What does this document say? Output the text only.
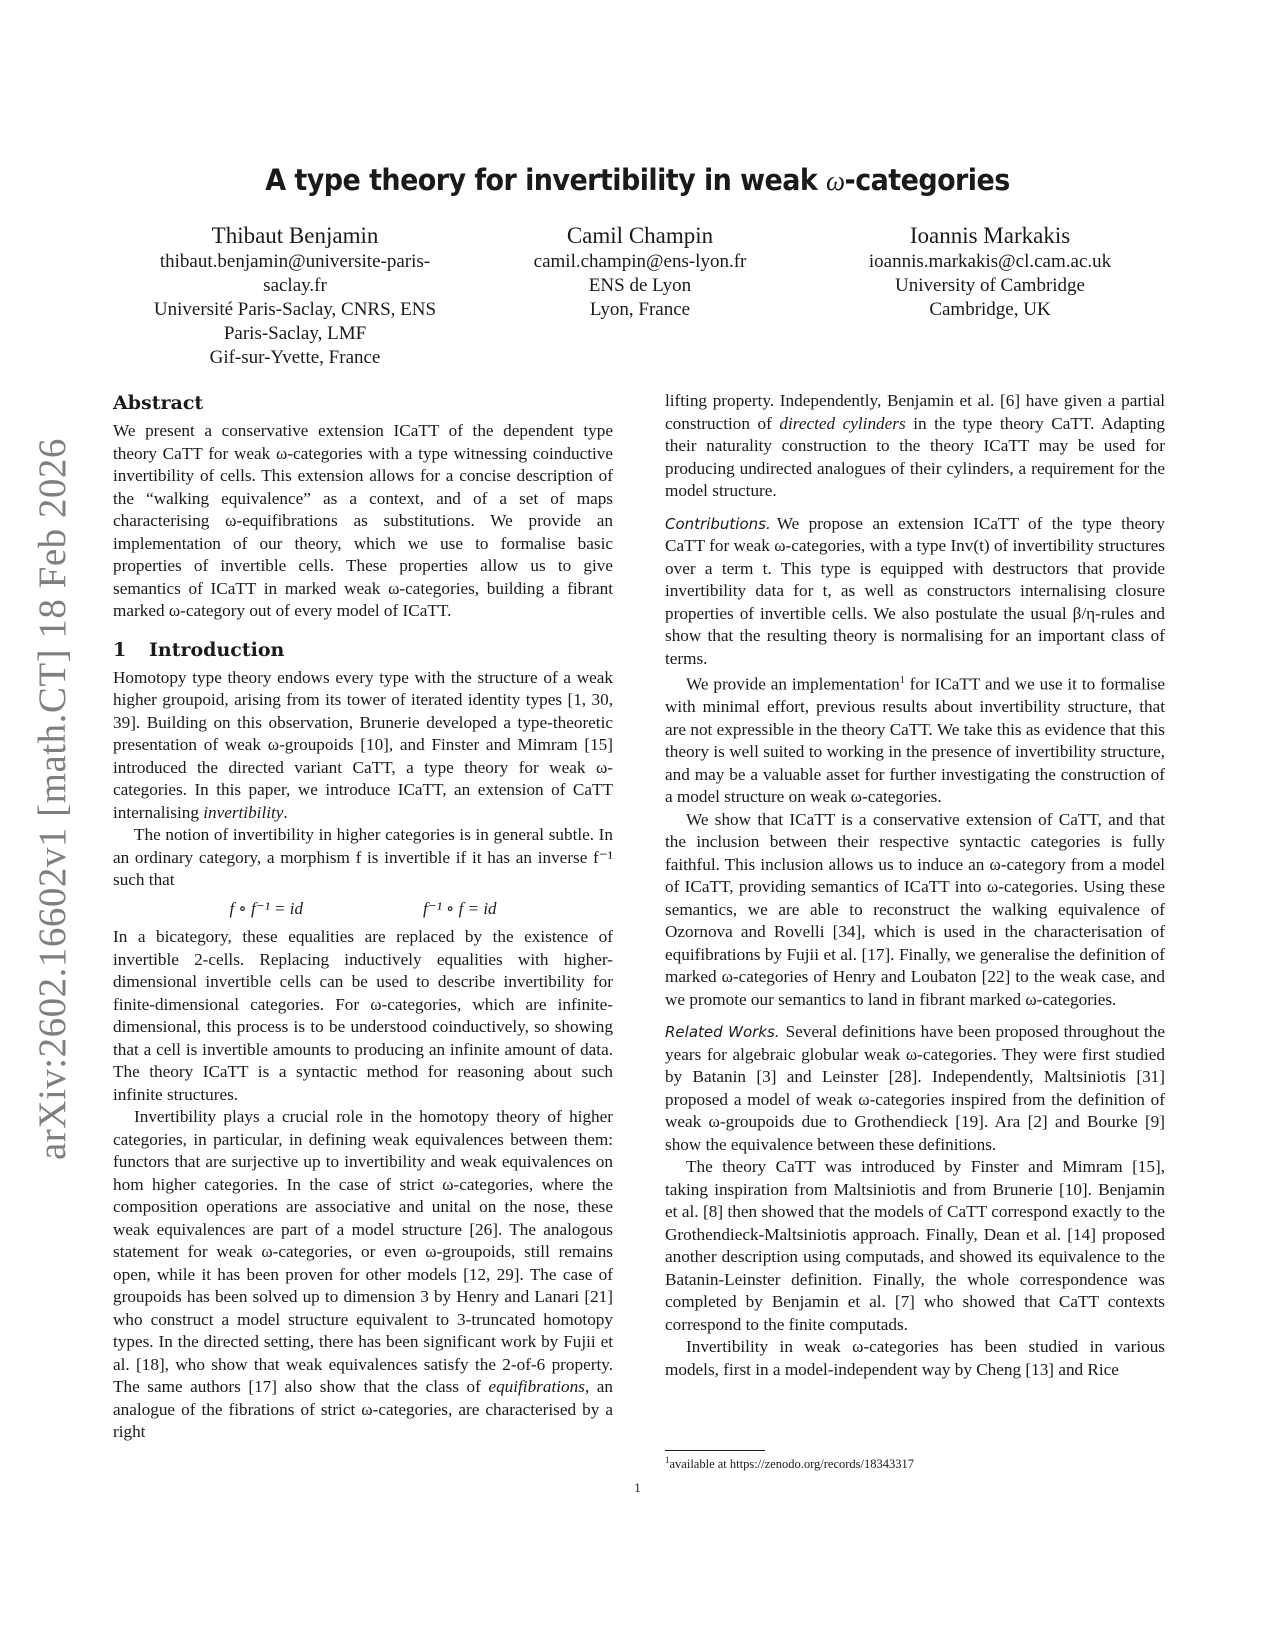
arXiv:2602.16602v1 [math.CT] 18 Feb 2026
A type theory for invertibility in weak ω-categories
Thibaut Benjamin
thibaut.benjamin@universite-paris-
saclay.fr
Université Paris-Saclay, CNRS, ENS
Paris-Saclay, LMF
Gif-sur-Yvette, France
Camil Champin
camil.champin@ens-lyon.fr
ENS de Lyon
Lyon, France
Ioannis Markakis
ioannis.markakis@cl.cam.ac.uk
University of Cambridge
Cambridge, UK
Abstract

We present a conservative extension ICaTT of the dependent type theory CaTT for weak ω-categories with a type witnessing coinductive invertibility of cells. This extension allows for a concise description of the “walking equivalence” as a context, and of a set of maps characterising ω-equifibrations as substitutions. We provide an implementation of our theory, which we use to formalise basic properties of invertible cells. These properties allow us to give semantics of ICaTT in marked weak ω-categories, building a fibrant marked ω-category out of every model of ICaTT.

1 Introduction

Homotopy type theory endows every type with the structure of a weak higher groupoid, arising from its tower of iterated identity types [1, 30, 39]. Building on this observation, Brunerie developed a type-theoretic presentation of weak ω-groupoids [10], and Finster and Mimram [15] introduced the directed variant CaTT, a type theory for weak ω-categories. In this paper, we introduce ICaTT, an extension of CaTT internalising invertibility.

The notion of invertibility in higher categories is in general subtle. In an ordinary category, a morphism f is invertible if it has an inverse f⁻¹ such that

f ∘ f⁻¹ = id	f⁻¹ ∘ f = id

In a bicategory, these equalities are replaced by the existence of invertible 2-cells. Replacing inductively equalities with higher-dimensional invertible cells can be used to describe invertibility for finite-dimensional categories. For ω-categories, which are infinite-dimensional, this process is to be understood coinductively, so showing that a cell is invertible amounts to producing an infinite amount of data. The theory ICaTT is a syntactic method for reasoning about such infinite structures.

Invertibility plays a crucial role in the homotopy theory of higher categories, in particular, in defining weak equivalences between them: functors that are surjective up to invertibility and weak equivalences on hom higher categories. In the case of strict ω-categories, where the composition operations are associative and unital on the nose, these weak equivalences are part of a model structure [26]. The analogous statement for weak ω-categories, or even ω-groupoids, still remains open, while it has been proven for other models [12, 29]. The case of groupoids has been solved up to dimension 3 by Henry and Lanari [21] who construct a model structure equivalent to 3-truncated homotopy types. In the directed setting, there has been significant work by Fujii et al. [18], who show that weak equivalences satisfy the 2-of-6 property. The same authors [17] also show that the class of equifibrations, an analogue of the fibrations of strict ω-categories, are characterised by a right

lifting property. Independently, Benjamin et al. [6] have given a partial construction of directed cylinders in the type theory CaTT. Adapting their naturality construction to the theory ICaTT may be used for producing undirected analogues of their cylinders, a requirement for the model structure.

Contributions. We propose an extension ICaTT of the type theory CaTT for weak ω-categories, with a type Inv(t) of invertibility structures over a term t. This type is equipped with destructors that provide invertibility data for t, as well as constructors internalising closure properties of invertible cells. We also postulate the usual β/η-rules and show that the resulting theory is normalising for an important class of terms.

We provide an implementation$^1$ for ICaTT and we use it to formalise with minimal effort, previous results about invertibility structure, that are not expressible in the theory CaTT. We take this as evidence that this theory is well suited to working in the presence of invertibility structure, and may be a valuable asset for further investigating the construction of a model structure on weak ω-categories.

We show that ICaTT is a conservative extension of CaTT, and that the inclusion between their respective syntactic categories is fully faithful. This inclusion allows us to induce an ω-category from a model of ICaTT, providing semantics of ICaTT into ω-categories. Using these semantics, we are able to reconstruct the walking equivalence of Ozornova and Rovelli [34], which is used in the characterisation of equifibrations by Fujii et al. [17]. Finally, we generalise the definition of marked ω-categories of Henry and Loubaton [22] to the weak case, and we promote our semantics to land in fibrant marked ω-categories.

Related Works. Several definitions have been proposed throughout the years for algebraic globular weak ω-categories. They were first studied by Batanin [3] and Leinster [28]. Independently, Maltsiniotis [31] proposed a model of weak ω-categories inspired from the definition of weak ω-groupoids due to Grothendieck [19]. Ara [2] and Bourke [9] show the equivalence between these definitions.

The theory CaTT was introduced by Finster and Mimram [15], taking inspiration from Maltsiniotis and from Brunerie [10]. Benjamin et al. [8] then showed that the models of CaTT correspond exactly to the Grothendieck-Maltsiniotis approach. Finally, Dean et al. [14] proposed another description using computads, and showed its equivalence to the Batanin-Leinster definition. Finally, the whole correspondence was completed by Benjamin et al. [7] who showed that CaTT contexts correspond to the finite computads.

Invertibility in weak ω-categories has been studied in various models, first in a model-independent way by Cheng [13] and Rice

$^1$available at https://zenodo.org/records/18343317
1
